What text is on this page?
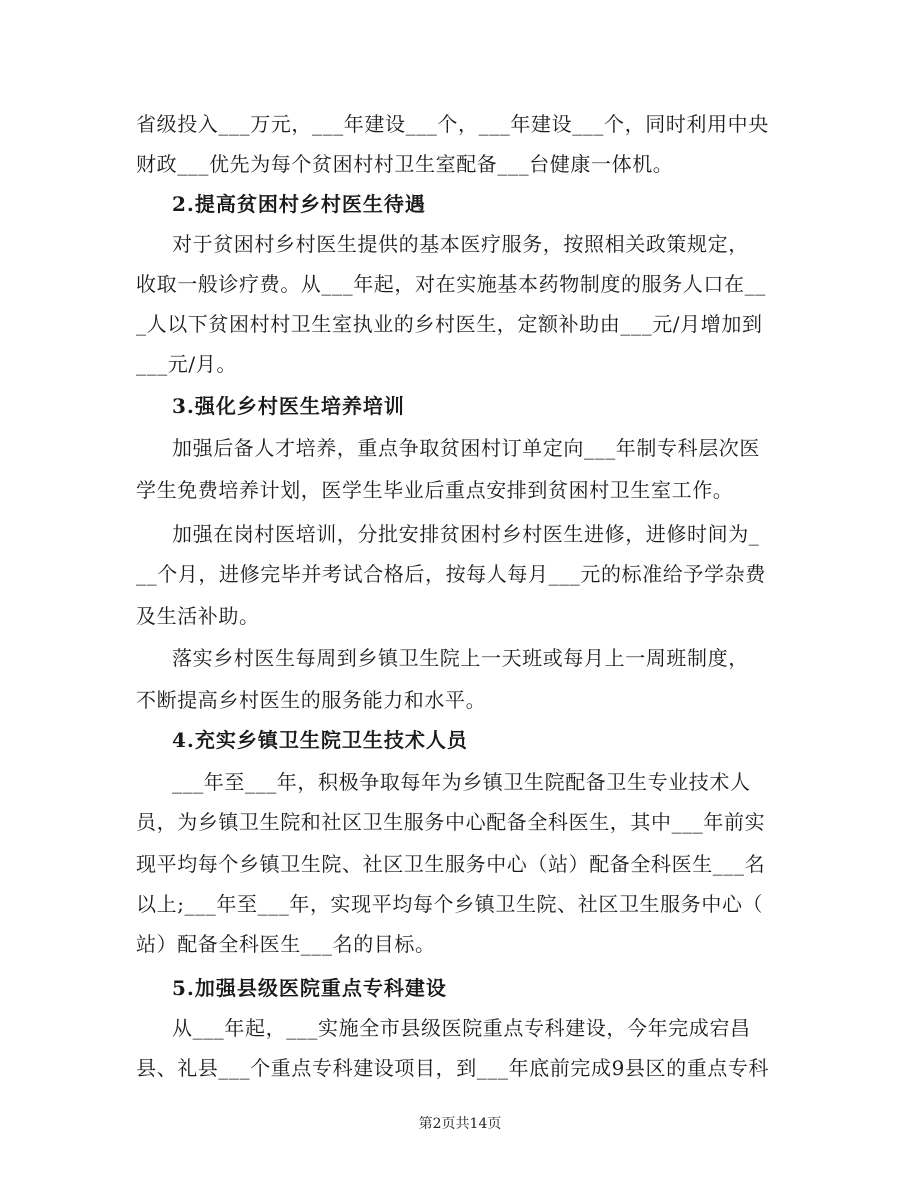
省级投入___万元，___年建设___个，___年建设___个，同时利用中央
财政___优先为每个贫困村村卫生室配备___台健康一体机。
2.提高贫困村乡村医生待遇
对于贫困村乡村医生提供的基本医疗服务，按照相关政策规定，
收取一般诊疗费。从___年起，对在实施基本药物制度的服务人口在__
_人以下贫困村村卫生室执业的乡村医生，定额补助由___元/月增加到
___元/月。
3.强化乡村医生培养培训
加强后备人才培养，重点争取贫困村订单定向___年制专科层次医
学生免费培养计划，医学生毕业后重点安排到贫困村卫生室工作。
加强在岗村医培训，分批安排贫困村乡村医生进修，进修时间为_
__个月，进修完毕并考试合格后，按每人每月___元的标准给予学杂费
及生活补助。
落实乡村医生每周到乡镇卫生院上一天班或每月上一周班制度，
不断提高乡村医生的服务能力和水平。
4.充实乡镇卫生院卫生技术人员
___年至___年，积极争取每年为乡镇卫生院配备卫生专业技术人
员，为乡镇卫生院和社区卫生服务中心配备全科医生，其中___年前实
现平均每个乡镇卫生院、社区卫生服务中心（站）配备全科医生___名
以上;___年至___年，实现平均每个乡镇卫生院、社区卫生服务中心（
站）配备全科医生___名的目标。
5.加强县级医院重点专科建设
从___年起，___实施全市县级医院重点专科建设，今年完成宕昌
县、礼县___个重点专科建设项目，到___年底前完成9县区的重点专科
第2页共14页
